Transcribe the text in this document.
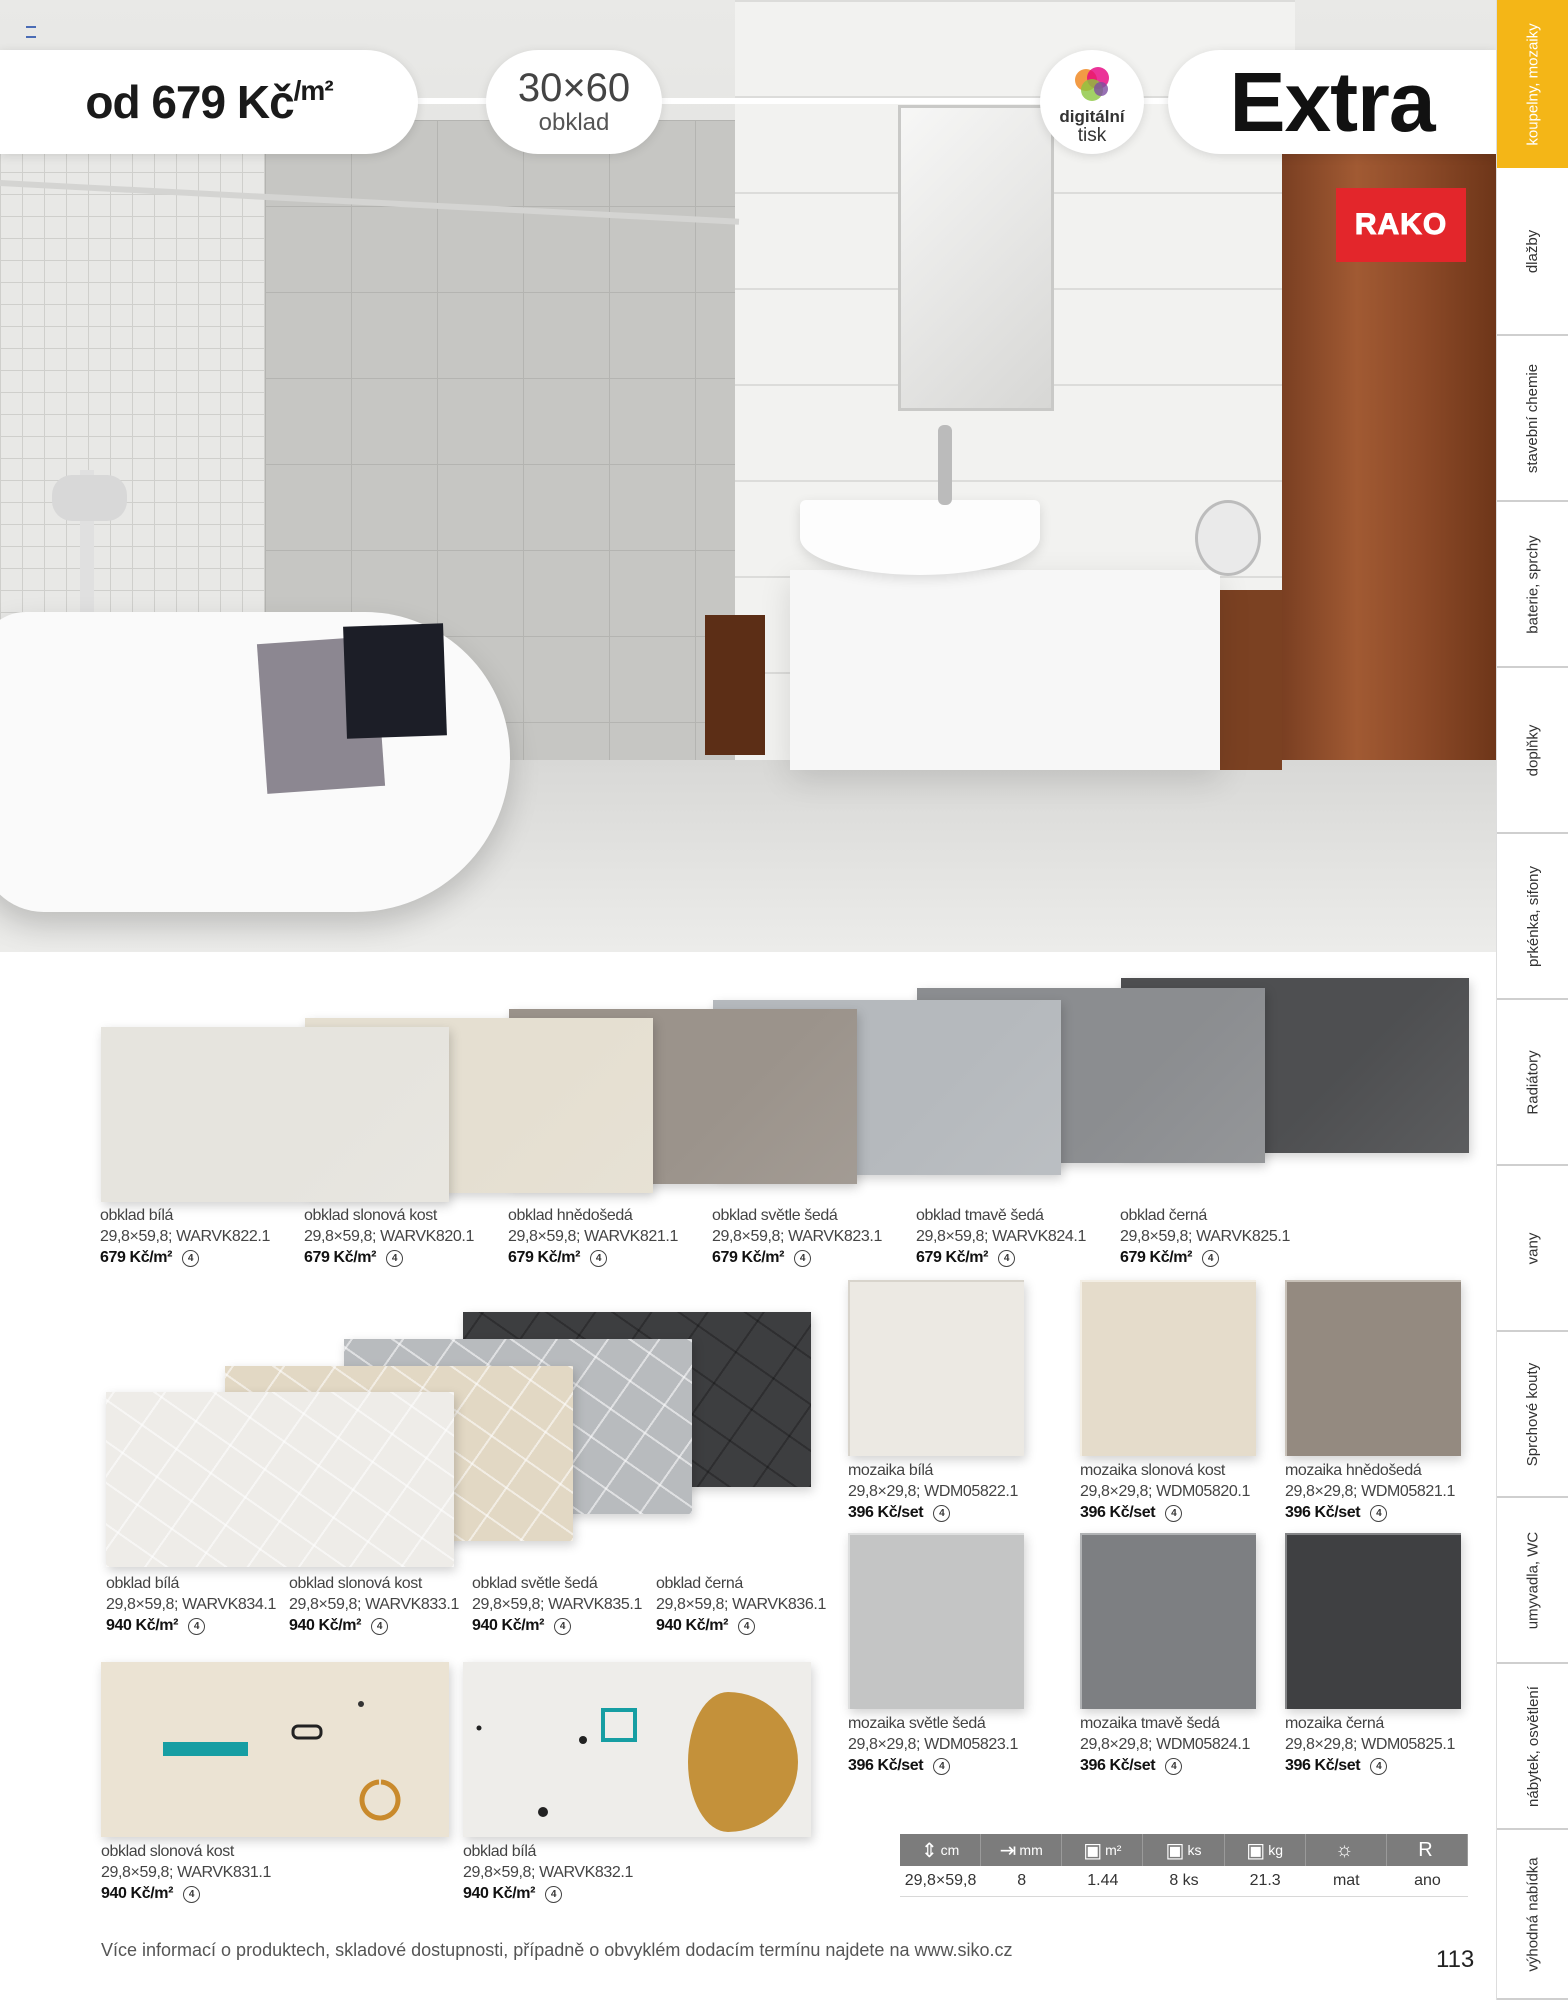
od 679 $Kč^{/m^2}$	30×60
obklad	digitální
tisk Extra
RAKO
koupelny, mozaiky
dlažby
stavební chemie
baterie, sprchy
doplňky
prkénka, sifony
Radiátory
vany
Sprchové kouty
umyvadla, WC
nábytek, osvětlení
výhodná nabídka
obklad bílá
29,8×59,8; WARVK822.1
679 Kč/m² 4
obklad slonová kost
29,8×59,8; WARVK820.1
679 Kč/m² 4
obklad hnědošedá
29,8×59,8; WARVK821.1
679 Kč/m² 4
obklad světle šedá
29,8×59,8; WARVK823.1
679 Kč/m² 4
obklad tmavě šedá
29,8×59,8; WARVK824.1
679 Kč/m² 4
obklad černá
29,8×59,8; WARVK825.1
679 Kč/m² 4
obklad bílá
29,8×59,8; WARVK834.1
940 Kč/m² 4
obklad slonová kost
29,8×59,8; WARVK833.1
940 Kč/m² 4
obklad světle šedá
29,8×59,8; WARVK835.1
940 Kč/m² 4
obklad černá
29,8×59,8; WARVK836.1
940 Kč/m² 4
obklad slonová kost
29,8×59,8; WARVK831.1
940 Kč/m² 4
obklad bílá
29,8×59,8; WARVK832.1
940 Kč/m² 4
mozaika bílá
29,8×29,8; WDM05822.1
396 Kč/set 4
mozaika slonová kost
29,8×29,8; WDM05820.1
396 Kč/set 4
mozaika hnědošedá
29,8×29,8; WDM05821.1
396 Kč/set 4
mozaika světle šedá
29,8×29,8; WDM05823.1
396 Kč/set 4
mozaika tmavě šedá
29,8×29,8; WDM05824.1
396 Kč/set 4
mozaika černá
29,8×29,8; WDM05825.1
396 Kč/set 4
⇕ cm ⇥ mm ▣ m² ▣ ks ▣ kg	☼	R
29,8×59,8	8	1.44	8 ks	21.3	mat	ano
Více informací o produktech, skladové dostupnosti, případně o obvyklém dodacím termínu najdete na www.siko.cz	113
